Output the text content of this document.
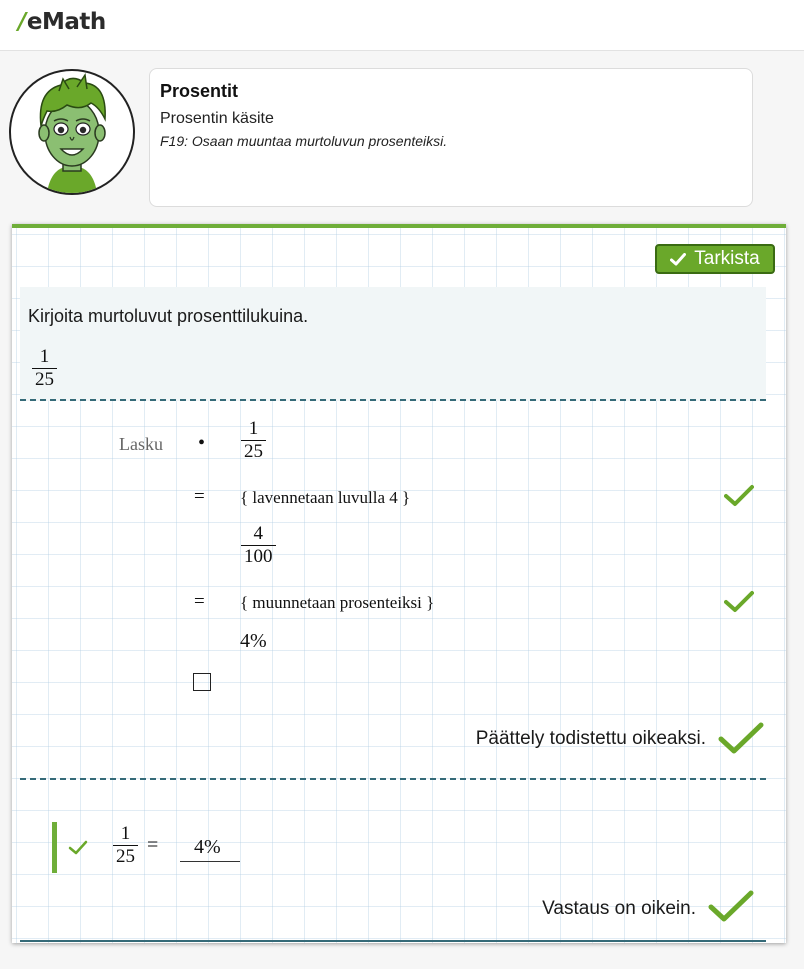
/eMath
Prosentit
Prosentin käsite
F19: Osaan muuntaa murtoluvun prosenteiksi.
Tarkista
Kirjoita murtoluvut prosenttilukuina.
1
25
Lasku •
1
25
= { lavennetaan luvulla 4 }
4
100
= { muunnetaan prosenteiksi }
4%
Päättely todistettu oikeaksi.
1
25
= 4%
Vastaus on oikein.
